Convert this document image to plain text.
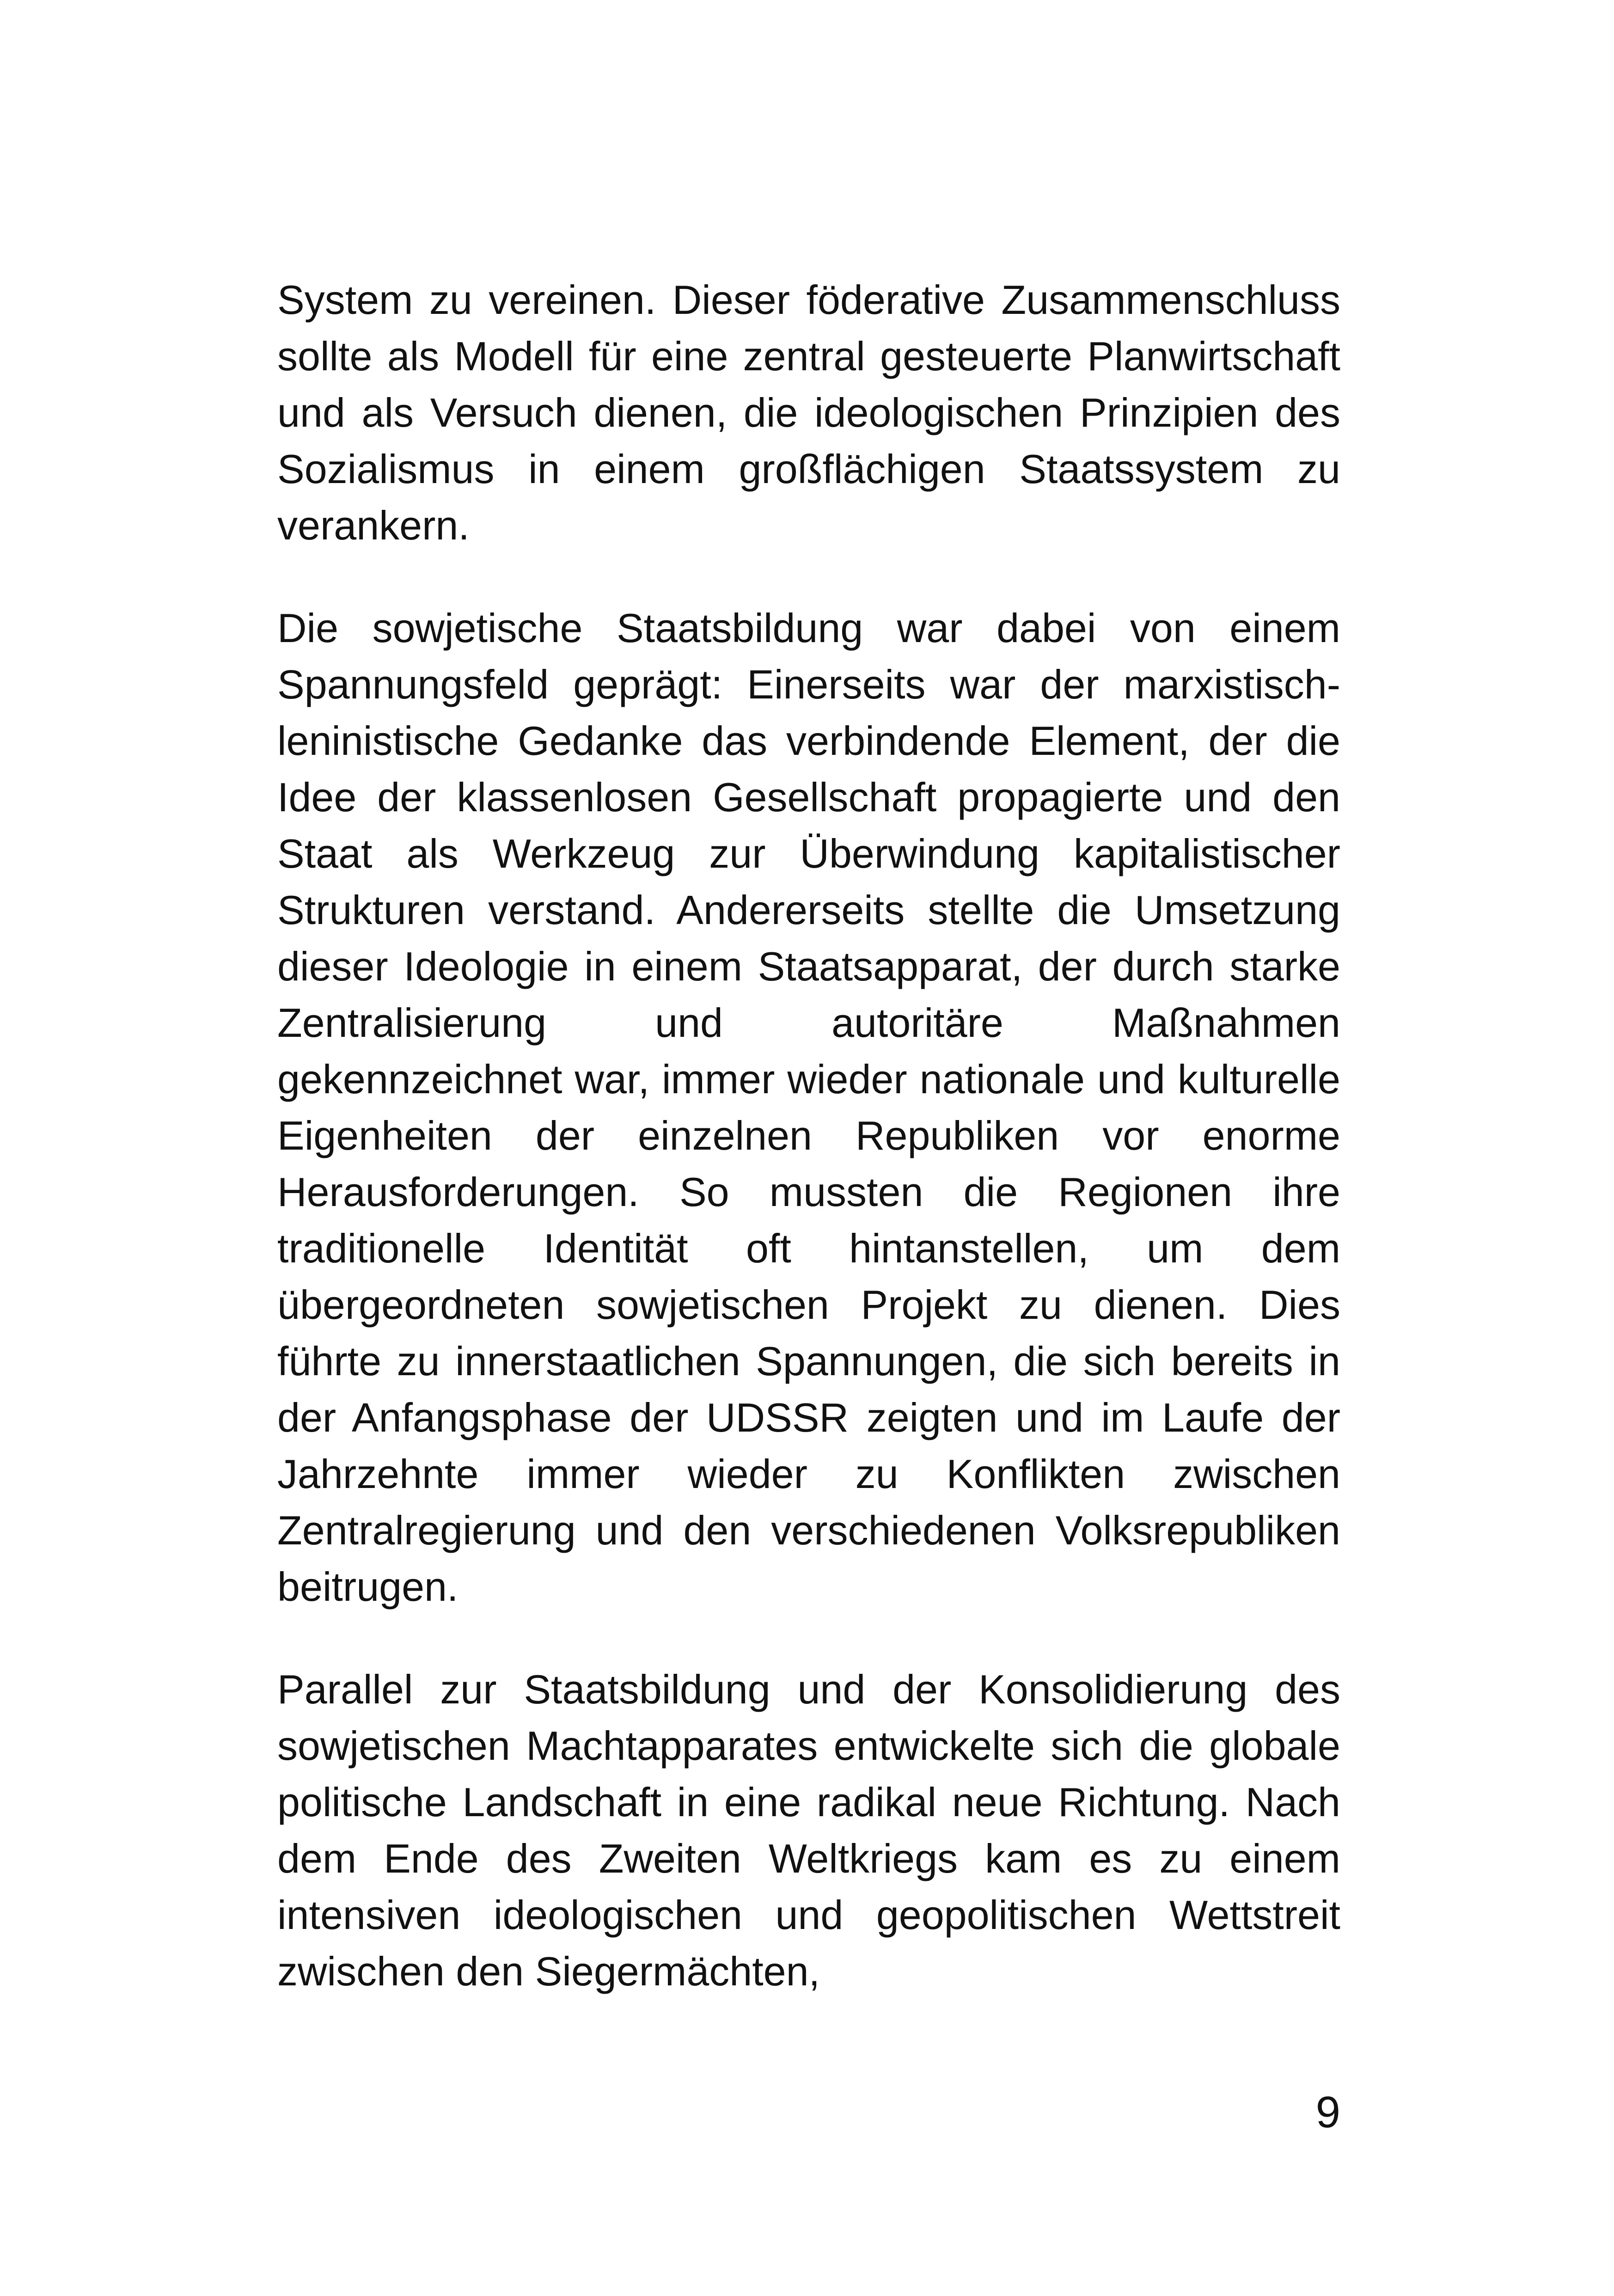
System zu vereinen. Dieser föderative Zusammenschluss sollte als Modell für eine zentral gesteuerte Planwirtschaft und als Versuch dienen, die ideologischen Prinzipien des Sozialismus in einem großflächigen Staatssystem zu verankern.

Die sowjetische Staatsbildung war dabei von einem Spannungsfeld geprägt: Einerseits war der marxistisch-leninistische Gedanke das verbindende Element, der die Idee der klassenlosen Gesellschaft propagierte und den Staat als Werkzeug zur Überwindung kapitalistischer Strukturen verstand. Andererseits stellte die Umsetzung dieser Ideologie in einem Staatsapparat, der durch starke Zentralisierung und autoritäre Maßnahmen gekennzeichnet war, immer wieder nationale und kulturelle Eigenheiten der einzelnen Republiken vor enorme Herausforderungen. So mussten die Regionen ihre traditionelle Identität oft hintanstellen, um dem übergeordneten sowjetischen Projekt zu dienen. Dies führte zu innerstaatlichen Spannungen, die sich bereits in der Anfangsphase der UDSSR zeigten und im Laufe der Jahrzehnte immer wieder zu Konflikten zwischen Zentralregierung und den verschiedenen Volksrepubliken beitrugen.

Parallel zur Staatsbildung und der Konsolidierung des sowjetischen Machtapparates entwickelte sich die globale politische Landschaft in eine radikal neue Richtung. Nach dem Ende des Zweiten Weltkriegs kam es zu einem intensiven ideologischen und geopolitischen Wettstreit zwischen den Siegermächten,

9
